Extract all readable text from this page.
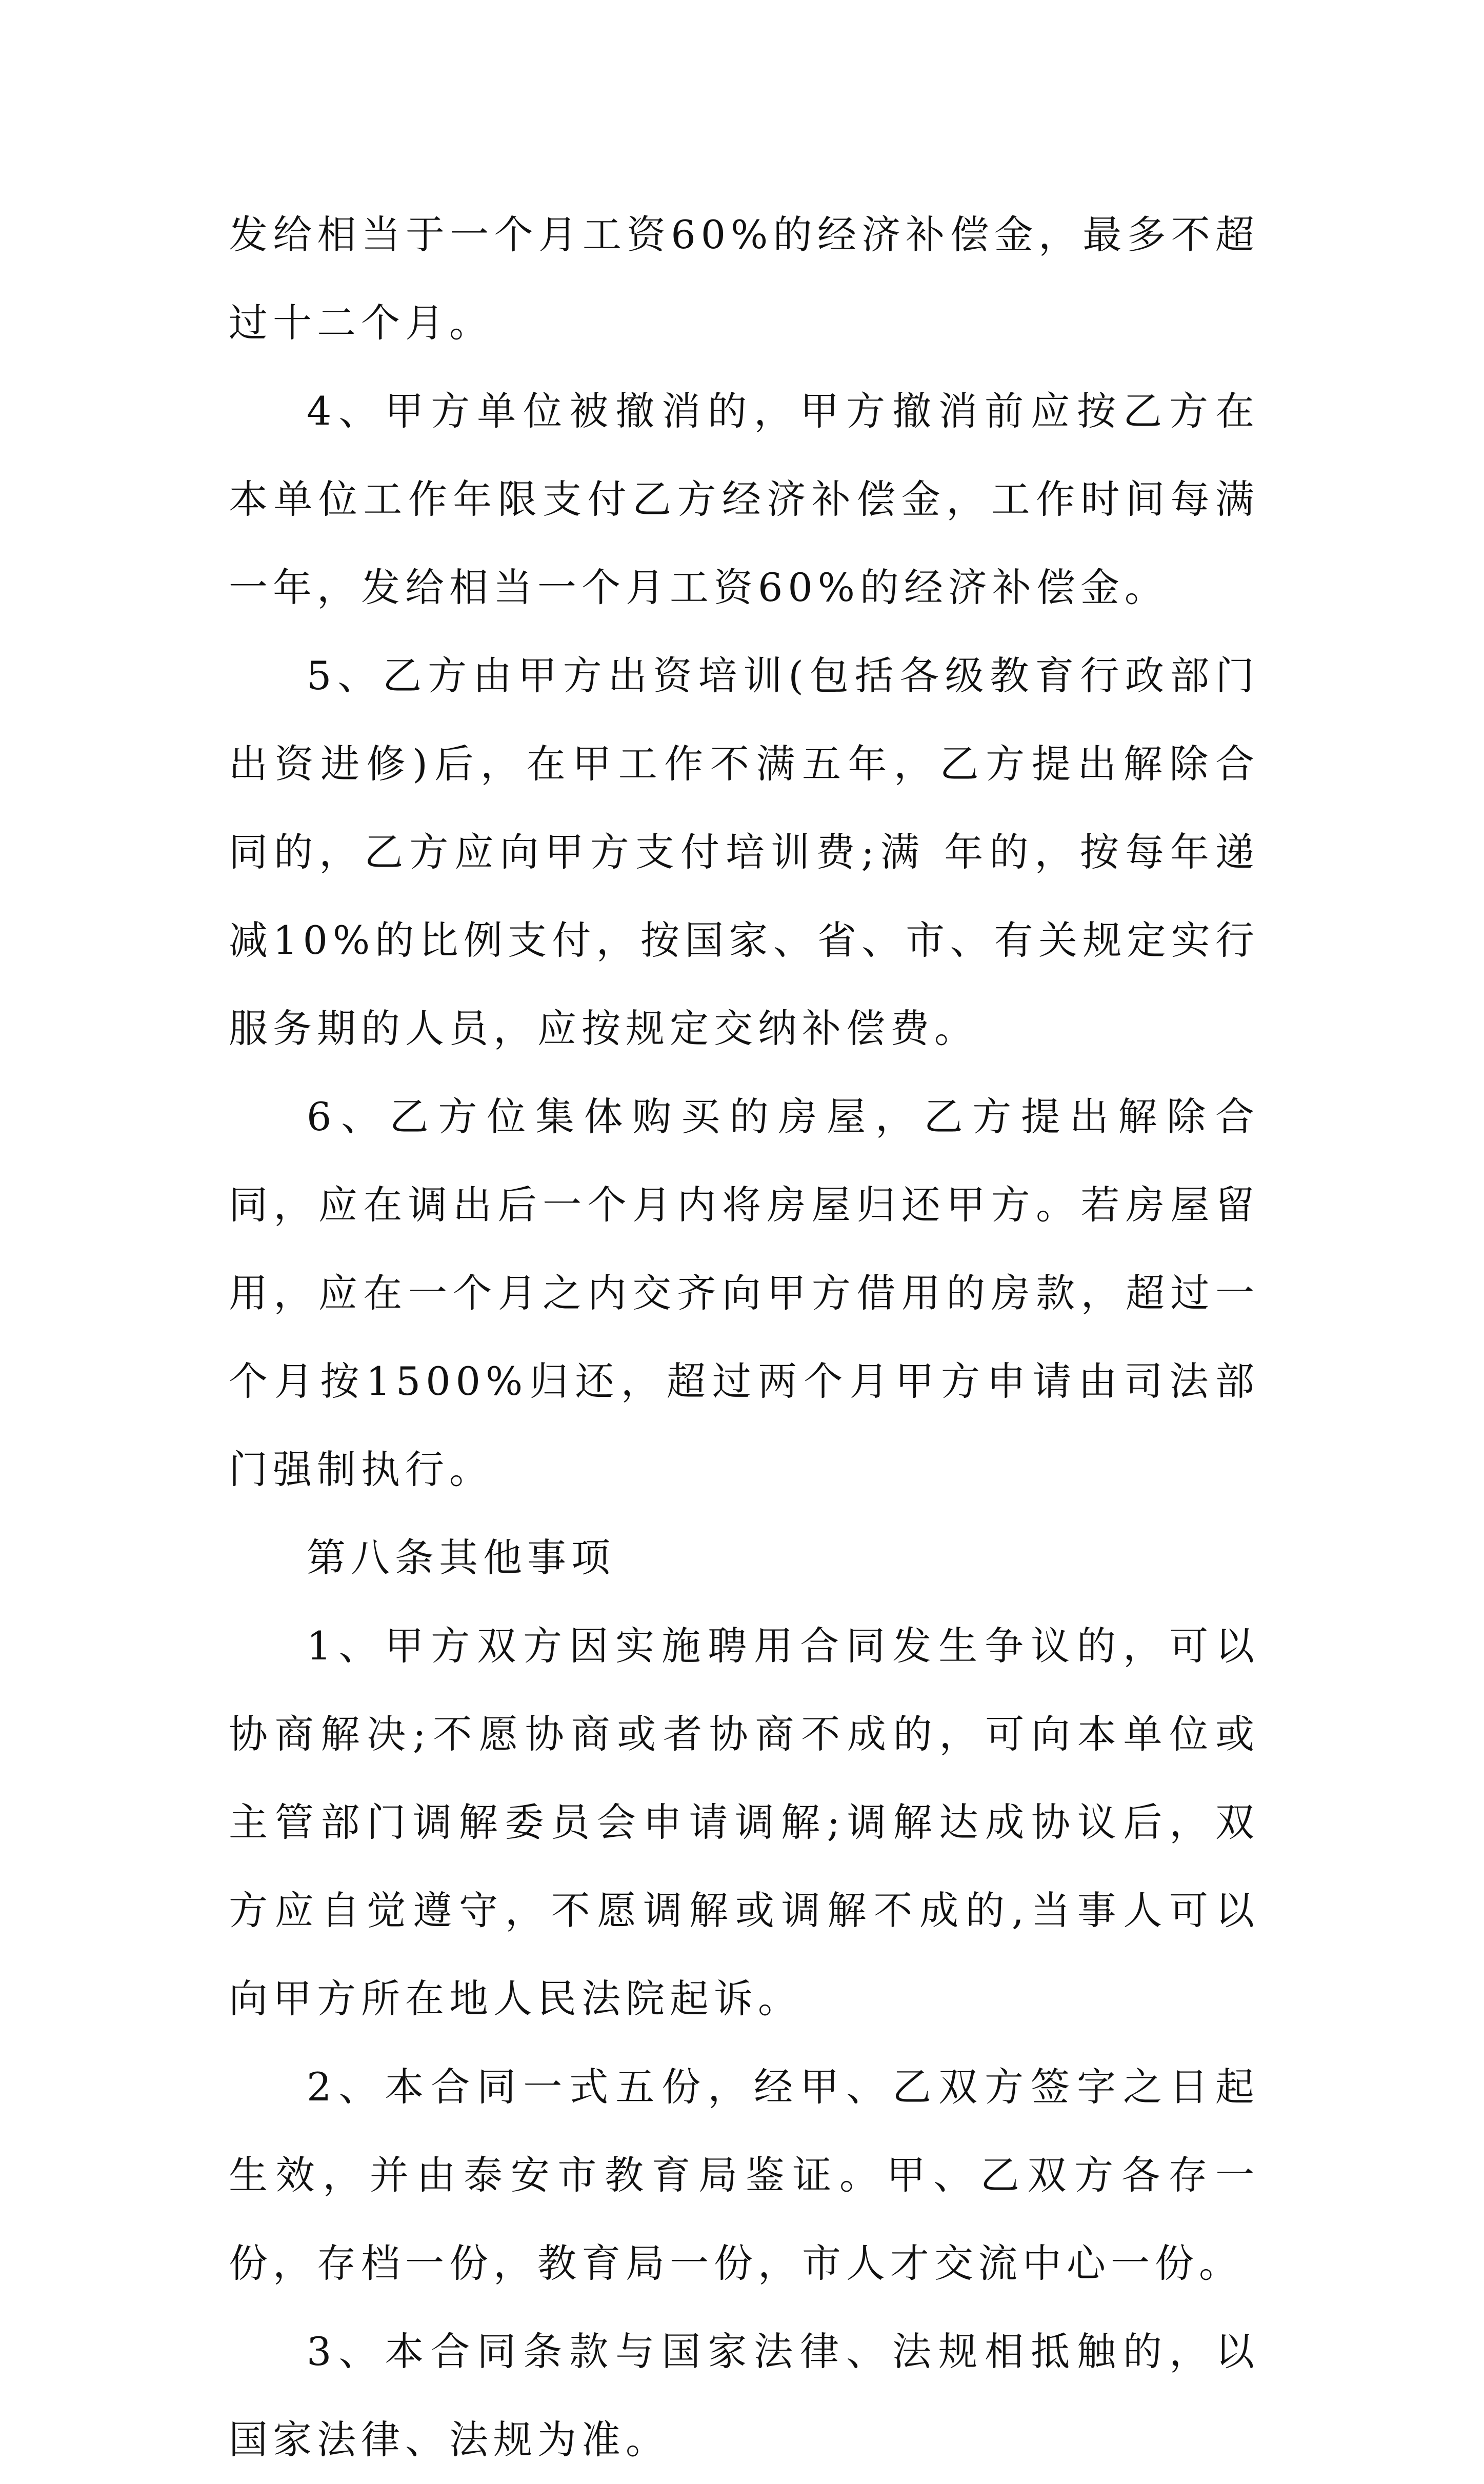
发给相当于一个月工资60%的经济补偿金，最多不超过十二个月。

4、甲方单位被撤消的，甲方撤消前应按乙方在本单位工作年限支付乙方经济补偿金，工作时间每满一年，发给相当一个月工资60%的经济补偿金。

5、乙方由甲方出资培训(包括各级教育行政部门出资进修)后，在甲工作不满五年，乙方提出解除合同的，乙方应向甲方支付培训费;满 年的，按每年递减10%的比例支付，按国家、省、市、有关规定实行服务期的人员，应按规定交纳补偿费。

6、乙方位集体购买的房屋，乙方提出解除合同，应在调出后一个月内将房屋归还甲方。若房屋留用，应在一个月之内交齐向甲方借用的房款，超过一个月按1500%归还，超过两个月甲方申请由司法部门强制执行。

第八条其他事项

1、甲方双方因实施聘用合同发生争议的，可以协商解决;不愿协商或者协商不成的，可向本单位或主管部门调解委员会申请调解;调解达成协议后，双方应自觉遵守，不愿调解或调解不成的,当事人可以向甲方所在地人民法院起诉。

2、本合同一式五份，经甲、乙双方签字之日起生效，并由泰安市教育局鉴证。甲、乙双方各存一份，存档一份，教育局一份，市人才交流中心一份。

3、本合同条款与国家法律、法规相抵触的，以国家法律、法规为准。
